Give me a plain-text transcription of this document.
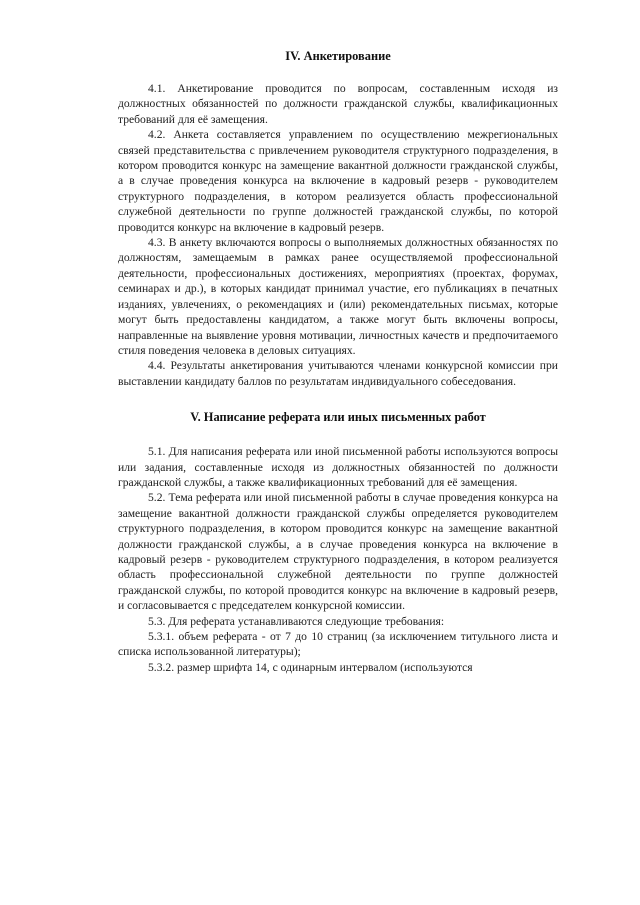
IV. Анкетирование

4.1. Анкетирование проводится по вопросам, составленным исходя из должностных обязанностей по должности гражданской службы, квалификационных требований для её замещения.

4.2. Анкета составляется управлением по осуществлению межрегиональных связей представительства с привлечением руководителя структурного подразделения, в котором проводится конкурс на замещение вакантной должности гражданской службы, а в случае проведения конкурса на включение в кадровый резерв - руководителем структурного подразделения, в котором реализуется область профессиональной служебной деятельности по группе должностей гражданской службы, по которой проводится конкурс на включение в кадровый резерв.

4.3. В анкету включаются вопросы о выполняемых должностных обязанностях по должностям, замещаемым в рамках ранее осуществляемой профессиональной деятельности, профессиональных достижениях, мероприятиях (проектах, форумах, семинарах и др.), в которых кандидат принимал участие, его публикациях в печатных изданиях, увлечениях, о рекомендациях и (или) рекомендательных письмах, которые могут быть предоставлены кандидатом, а также могут быть включены вопросы, направленные на выявление уровня мотивации, личностных качеств и предпочитаемого стиля поведения человека в деловых ситуациях.

4.4. Результаты анкетирования учитываются членами конкурсной комиссии при выставлении кандидату баллов по результатам индивидуального собеседования.

V. Написание реферата или иных письменных работ

5.1. Для написания реферата или иной письменной работы используются вопросы или задания, составленные исходя из должностных обязанностей по должности гражданской службы, а также квалификационных требований для её замещения.

5.2. Тема реферата или иной письменной работы в случае проведения конкурса на замещение вакантной должности гражданской службы определяется руководителем структурного подразделения, в котором проводится конкурс на замещение вакантной должности гражданской службы, а в случае проведения конкурса на включение в кадровый резерв - руководителем структурного подразделения, в котором реализуется область профессиональной служебной деятельности по группе должностей гражданской службы, по которой проводится конкурс на включение в кадровый резерв, и согласовывается с председателем конкурсной комиссии.

5.3. Для реферата устанавливаются следующие требования:

5.3.1. объем реферата - от 7 до 10 страниц (за исключением титульного листа и списка использованной литературы);

5.3.2. размер шрифта 14, с одинарным интервалом (используются
